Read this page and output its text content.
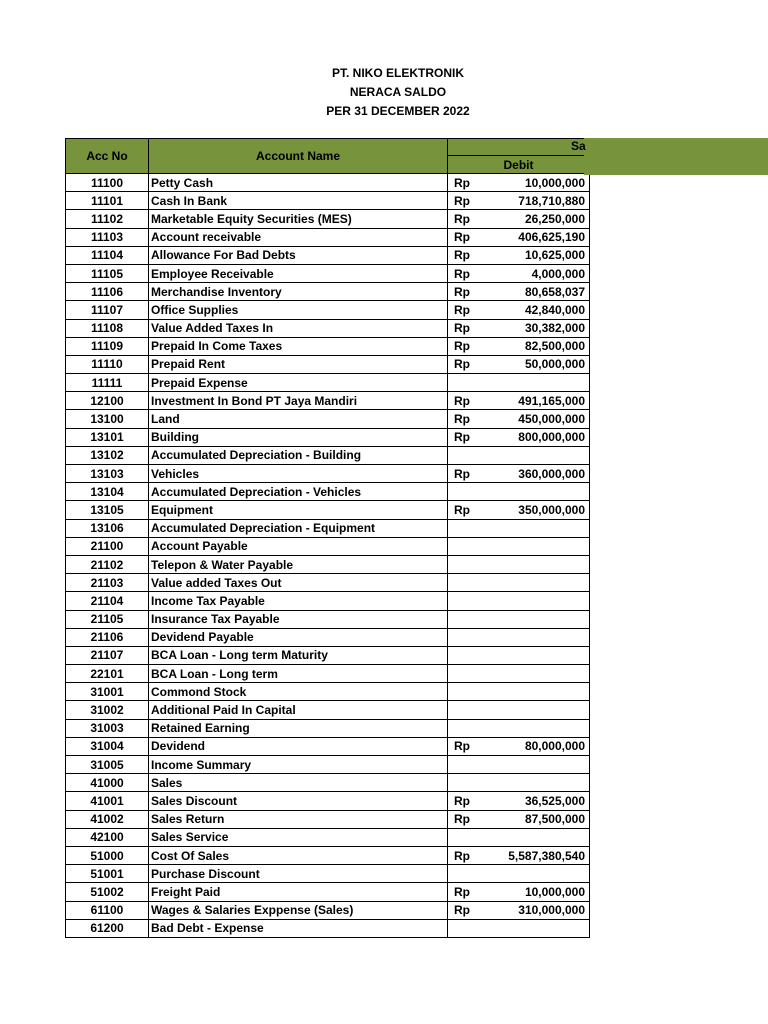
PT. NIKO ELEKTRONIK
NERACA SALDO
PER 31 DECEMBER 2022
Sa
Acc No	Account Name		
		Debit	
11100	Petty Cash	Rp	10,000,000
11101	Cash In Bank	Rp	718,710,880
11102	Marketable Equity Securities (MES)	Rp	26,250,000
11103	Account receivable	Rp	406,625,190
11104	Allowance For Bad Debts	Rp	10,625,000
11105	Employee Receivable	Rp	4,000,000
11106	Merchandise Inventory	Rp	80,658,037
11107	Office Supplies	Rp	42,840,000
11108	Value Added Taxes In	Rp	30,382,000
11109	Prepaid In Come Taxes	Rp	82,500,000
11110	Prepaid Rent	Rp	50,000,000
11111	Prepaid Expense		
12100	Investment In Bond PT Jaya Mandiri	Rp	491,165,000
13100	Land	Rp	450,000,000
13101	Building	Rp	800,000,000
13102	Accumulated Depreciation - Building		
13103	Vehicles	Rp	360,000,000
13104	Accumulated Depreciation - Vehicles		
13105	Equipment	Rp	350,000,000
13106	Accumulated Depreciation - Equipment		
21100	Account Payable		
21102	Telepon & Water Payable		
21103	Value added Taxes Out		
21104	Income Tax Payable		
21105	Insurance Tax Payable		
21106	Devidend Payable		
21107	BCA Loan - Long term Maturity		
22101	BCA Loan - Long term		
31001	Commond Stock		
31002	Additional Paid In Capital		
31003	Retained Earning		
31004	Devidend	Rp	80,000,000
31005	Income Summary		
41000	Sales		
41001	Sales Discount	Rp	36,525,000
41002	Sales Return	Rp	87,500,000
42100	Sales Service		
51000	Cost Of Sales	Rp	5,587,380,540
51001	Purchase Discount		
51002	Freight Paid	Rp	10,000,000
61100	Wages & Salaries Exppense (Sales)	Rp	310,000,000
61200	Bad Debt - Expense		
